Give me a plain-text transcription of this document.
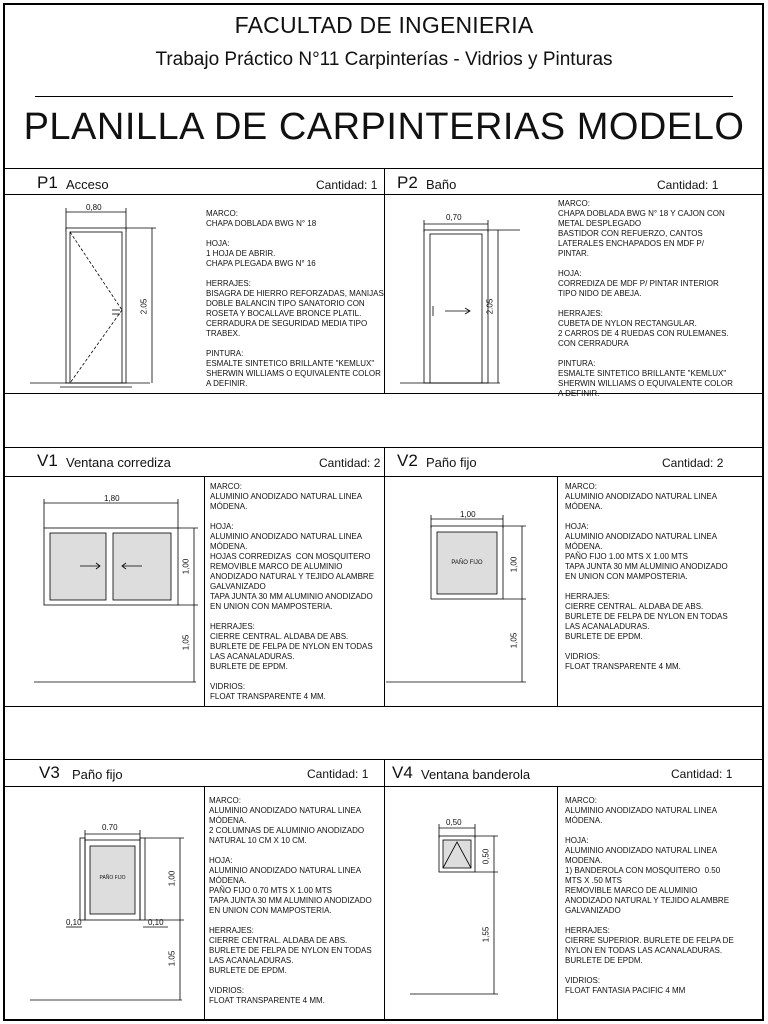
FACULTAD DE INGENIERIA
Trabajo Práctico N°11 Carpinterías - Vidrios y Pinturas
PLANILLA DE CARPINTERIAS MODELO
P1 Acceso	Cantidad: 1
MARCO:
CHAPA DOBLADA BWG N° 18

HOJA:
1 HOJA DE ABRIR.
CHAPA PLEGADA BWG N° 16

HERRAJES:
BISAGRA DE HIERRO REFORZADAS, MANIJAS
DOBLE BALANCIN TIPO SANATORIO CON
ROSETA Y BOCALLAVE BRONCE PLATIL.
CERRADURA DE SEGURIDAD MEDIA TIPO
TRABEX.

PINTURA:
ESMALTE SINTETICO BRILLANTE "KEMLUX"
SHERWIN WILLIAMS O EQUIVALENTE COLOR
A DEFINIR.
0,80
2.05
P2 Baño	Cantidad: 1
MARCO:
CHAPA DOBLADA BWG N° 18 Y CAJON CON
METAL DESPLEGADO
BASTIDOR CON REFUERZO, CANTOS
LATERALES ENCHAPADOS EN MDF P/
PINTAR.

HOJA:
CORREDIZA DE MDF P/ PINTAR INTERIOR
TIPO NIDO DE ABEJA.

HERRAJES:
CUBETA DE NYLON RECTANGULAR.
2 CARROS DE 4 RUEDAS CON RULEMANES.
CON CERRADURA

PINTURA:
ESMALTE SINTETICO BRILLANTE "KEMLUX"
SHERWIN WILLIAMS O EQUIVALENTE COLOR
A DEFINIR.
0,70
2.05
V1 Ventana corrediza	Cantidad: 2
MARCO:
ALUMINIO ANODIZADO NATURAL LINEA
MÓDENA.

HOJA:
ALUMINIO ANODIZADO NATURAL LINEA
MÓDENA.
HOJAS CORREDIZAS  CON MOSQUITERO
REMOVIBLE MARCO DE ALUMINIO
ANODIZADO NATURAL Y TEJIDO ALAMBRE
GALVANIZADO
TAPA JUNTA 30 MM ALUMINIO ANODIZADO
EN UNION CON MAMPOSTERIA.

HERRAJES:
CIERRE CENTRAL. ALDABA DE ABS.
BURLETE DE FELPA DE NYLON EN TODAS
LAS ACANALADURAS.
BURLETE DE EPDM.

VIDRIOS:
FLOAT TRANSPARENTE 4 MM.
1,80
1,00
1,05
V2 Paño fijo	Cantidad: 2
MARCO:
ALUMINIO ANODIZADO NATURAL LINEA
MÓDENA.

HOJA:
ALUMINIO ANODIZADO NATURAL LINEA
MÓDENA.
PAÑO FIJO 1.00 MTS X 1.00 MTS
TAPA JUNTA 30 MM ALUMINIO ANODIZADO
EN UNION CON MAMPOSTERIA.

HERRAJES:
CIERRE CENTRAL. ALDABA DE ABS.
BURLETE DE FELPA DE NYLON EN TODAS
LAS ACANALADURAS.
BURLETE DE EPDM.

VIDRIOS:
FLOAT TRANSPARENTE 4 MM.
1,00
PAÑO FIJO	1,00
1,05
V3 Paño fijo	Cantidad: 1
MARCO:
ALUMINIO ANODIZADO NATURAL LINEA
MÓDENA.
2 COLUMNAS DE ALUMINIO ANODIZADO
NATURAL 10 CM X 10 CM.

HOJA:
ALUMINIO ANODIZADO NATURAL LINEA
MÓDENA.
PAÑO FIJO 0.70 MTS X 1.00 MTS
TAPA JUNTA 30 MM ALUMINIO ANODIZADO
EN UNION CON MAMPOSTERIA.

HERRAJES:
CIERRE CENTRAL. ALDABA DE ABS.
BURLETE DE FELPA DE NYLON EN TODAS
LAS ACANALADURAS.
BURLETE DE EPDM.

VIDRIOS:
FLOAT TRANSPARENTE 4 MM.
0.70
PAÑO FIJO	1,00
1.05
0,10	0,10
V4 Ventana banderola	Cantidad: 1
MARCO:
ALUMINIO ANODIZADO NATURAL LINEA
MÓDENA.

HOJA:
ALUMINIO ANODIZADO NATURAL LINEA
MODENA.
1) BANDEROLA CON MOSQUITERO  0.50
MTS X .50 MTS
REMOVIBLE MARCO DE ALUMINIO
ANODIZADO NATURAL Y TEJIDO ALAMBRE
GALVANIZADO

HERRAJES:
CIERRE SUPERIOR. BURLETE DE FELPA DE
NYLON EN TODAS LAS ACANALADURAS.
BURLETE DE EPDM.

VIDRIOS:
FLOAT FANTASIA PACIFIC 4 MM
0,50
0,50
1,55
